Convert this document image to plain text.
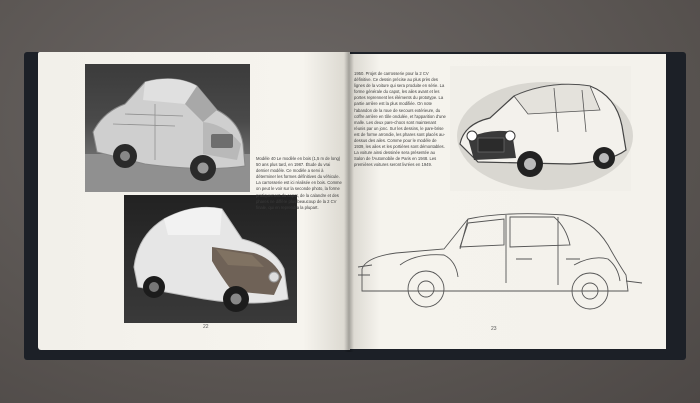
Modèle 40 Le modèle en bois (1,5 m de long) 50 ans plus tard, en 1987. Étude du vrai dernier modèle. Ce modèle a servi à déterminer les formes définitives du véhicule. La carrosserie est ici réalisée en bois. Comme on peut le voir sur la seconde photo, la forme pratiquement du capot, de la calandre et des phares ne diffère plus beaucoup de la 2 CV finale, qui en reprendra la plupart.
1950. Projet de carrosserie pour la 2 CV définitive. Ce dessin précise au plus près des lignes de la voiture qui sera produite en série. La forme générale du capot, les ailes avant et les portes reprennent les éléments du prototype. La partie arrière est la plus modifiée. On note l'abandon de la roue de secours extérieure, du coffre arrière en tôle ondulée, et l'apparition d'une malle. Les deux pare-chocs sont maintenant réunis par un jonc. Sur les dessins, le pare-brise est de forme arrondie, les phares sont placés au-dessus des ailes. Comme pour le modèle de 1939, les ailes et les portières sont démontables. La voiture ainsi dessinée sera présentée au Salon de l'Automobile de Paris en 1948. Les premières voitures seront livrées en 1949.
22	23
